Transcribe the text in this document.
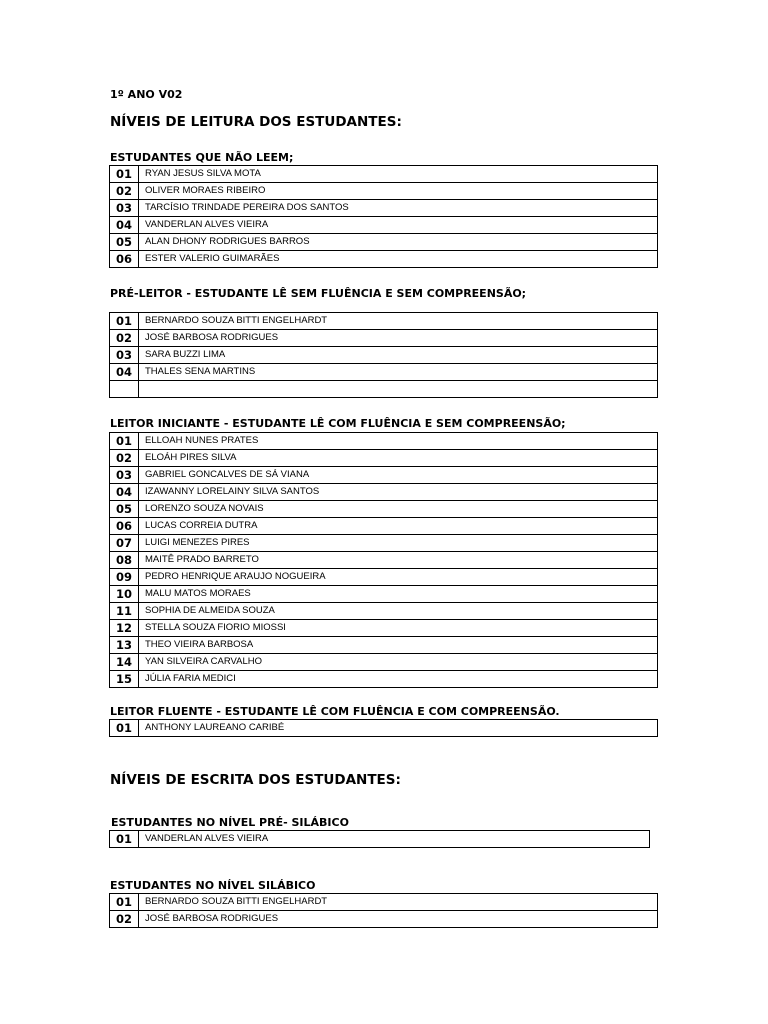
1º ANO V02
NÍVEIS DE LEITURA DOS ESTUDANTES:
ESTUDANTES QUE NÃO LEEM;
01	RYAN JESUS SILVA MOTA
02	OLIVER MORAES RIBEIRO
03	TARCÍSIO TRINDADE PEREIRA DOS SANTOS
04	VANDERLAN ALVES VIEIRA
05	ALAN DHONY RODRIGUES BARROS
06	ESTER VALERIO GUIMARÃES
PRÉ-LEITOR - ESTUDANTE LÊ SEM FLUÊNCIA E SEM COMPREENSÃO;
01	BERNARDO SOUZA BITTI ENGELHARDT
02	JOSÉ BARBOSA RODRIGUES
03	SARA BUZZI LIMA
04	THALES SENA MARTINS

LEITOR INICIANTE - ESTUDANTE LÊ COM FLUÊNCIA E SEM COMPREENSÃO;
01	ELLOAH NUNES PRATES
02	ELOÁH PIRES SILVA
03	GABRIEL GONCALVES DE SÁ VIANA
04	IZAWANNY LORELAINY SILVA SANTOS
05	LORENZO SOUZA NOVAIS
06	LUCAS CORREIA DUTRA
07	LUIGI MENEZES PIRES
08	MAITÊ PRADO BARRETO
09	PEDRO HENRIQUE ARAUJO NOGUEIRA
10	MALU MATOS MORAES
11	SOPHIA DE ALMEIDA SOUZA
12	STELLA SOUZA FIORIO MIOSSI
13	THEO VIEIRA BARBOSA
14	YAN SILVEIRA CARVALHO
15	JÚLIA FARIA MEDICI
LEITOR FLUENTE - ESTUDANTE LÊ COM FLUÊNCIA E COM COMPREENSÃO.
01	ANTHONY LAUREANO CARIBÉ
NÍVEIS DE ESCRITA DOS ESTUDANTES:
ESTUDANTES NO NÍVEL PRÉ- SILÁBICO
01	VANDERLAN ALVES VIEIRA
ESTUDANTES NO NÍVEL SILÁBICO
01	BERNARDO SOUZA BITTI ENGELHARDT
02	JOSÉ BARBOSA RODRIGUES
